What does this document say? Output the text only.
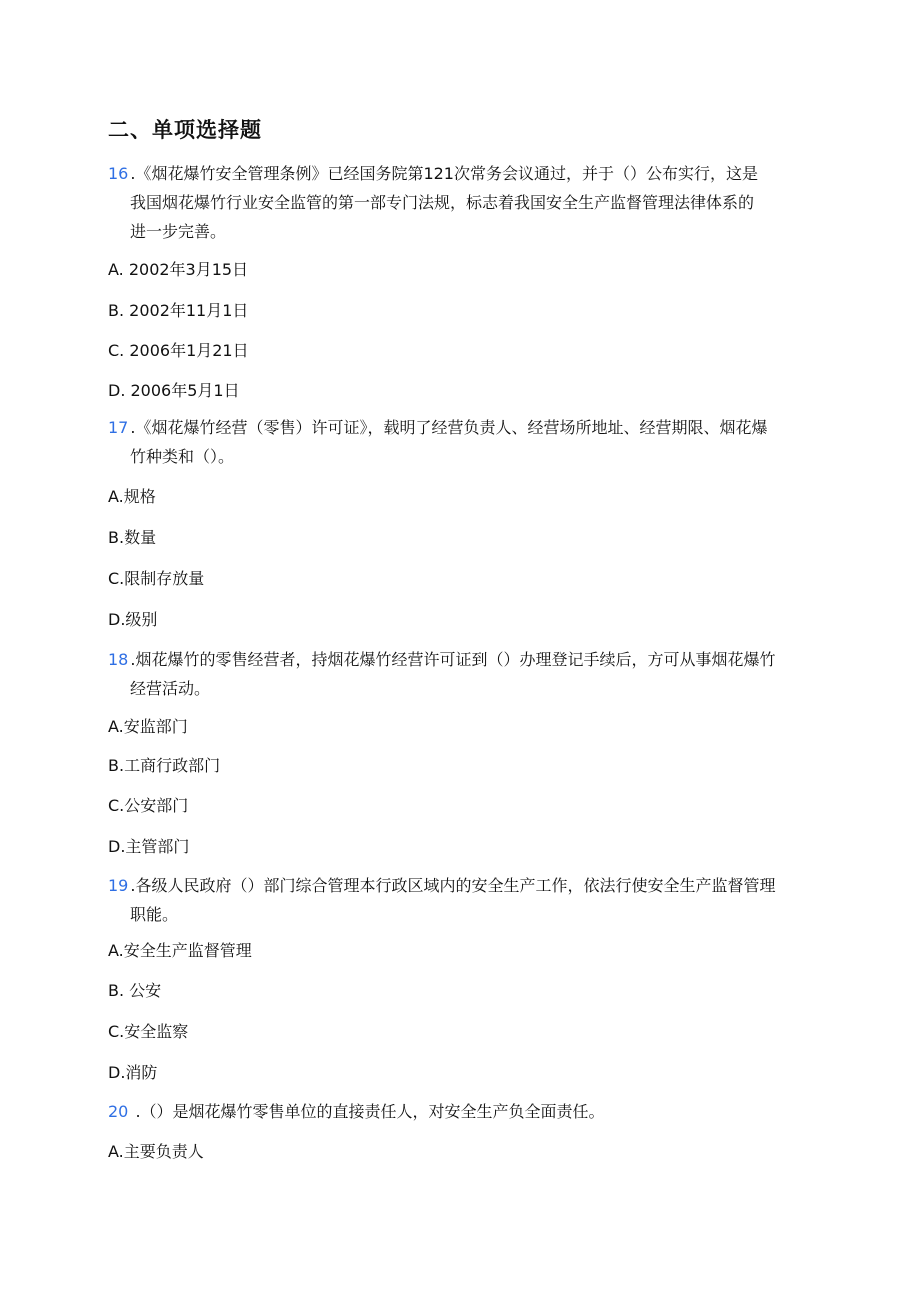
二、单项选择题
16 .《烟花爆竹安全管理条例》已经国务院第121次常务会议通过，并于（）公布实行，这是
我国烟花爆竹行业安全监管的第一部专门法规，标志着我国安全生产监督管理法律体系的
进一步完善。
A. 2002年3月15日
B. 2002年11月1日
C. 2006年1月21日
D. 2006年5月1日
17 .《烟花爆竹经营（零售）许可证》，载明了经营负责人、经营场所地址、经营期限、烟花爆
竹种类和（）。
A.规格
B.数量
C.限制存放量
D.级别
18 .烟花爆竹的零售经营者，持烟花爆竹经营许可证到（）办理登记手续后，方可从事烟花爆竹
经营活动。
A.安监部门
B.工商行政部门
C.公安部门
D.主管部门
19 .各级人民政府（）部门综合管理本行政区域内的安全生产工作，依法行使安全生产监督管理
职能。
A.安全生产监督管理
B. 公安
C.安全监察
D.消防
20 .（）是烟花爆竹零售单位的直接责任人，对安全生产负全面责任。
A.主要负责人
